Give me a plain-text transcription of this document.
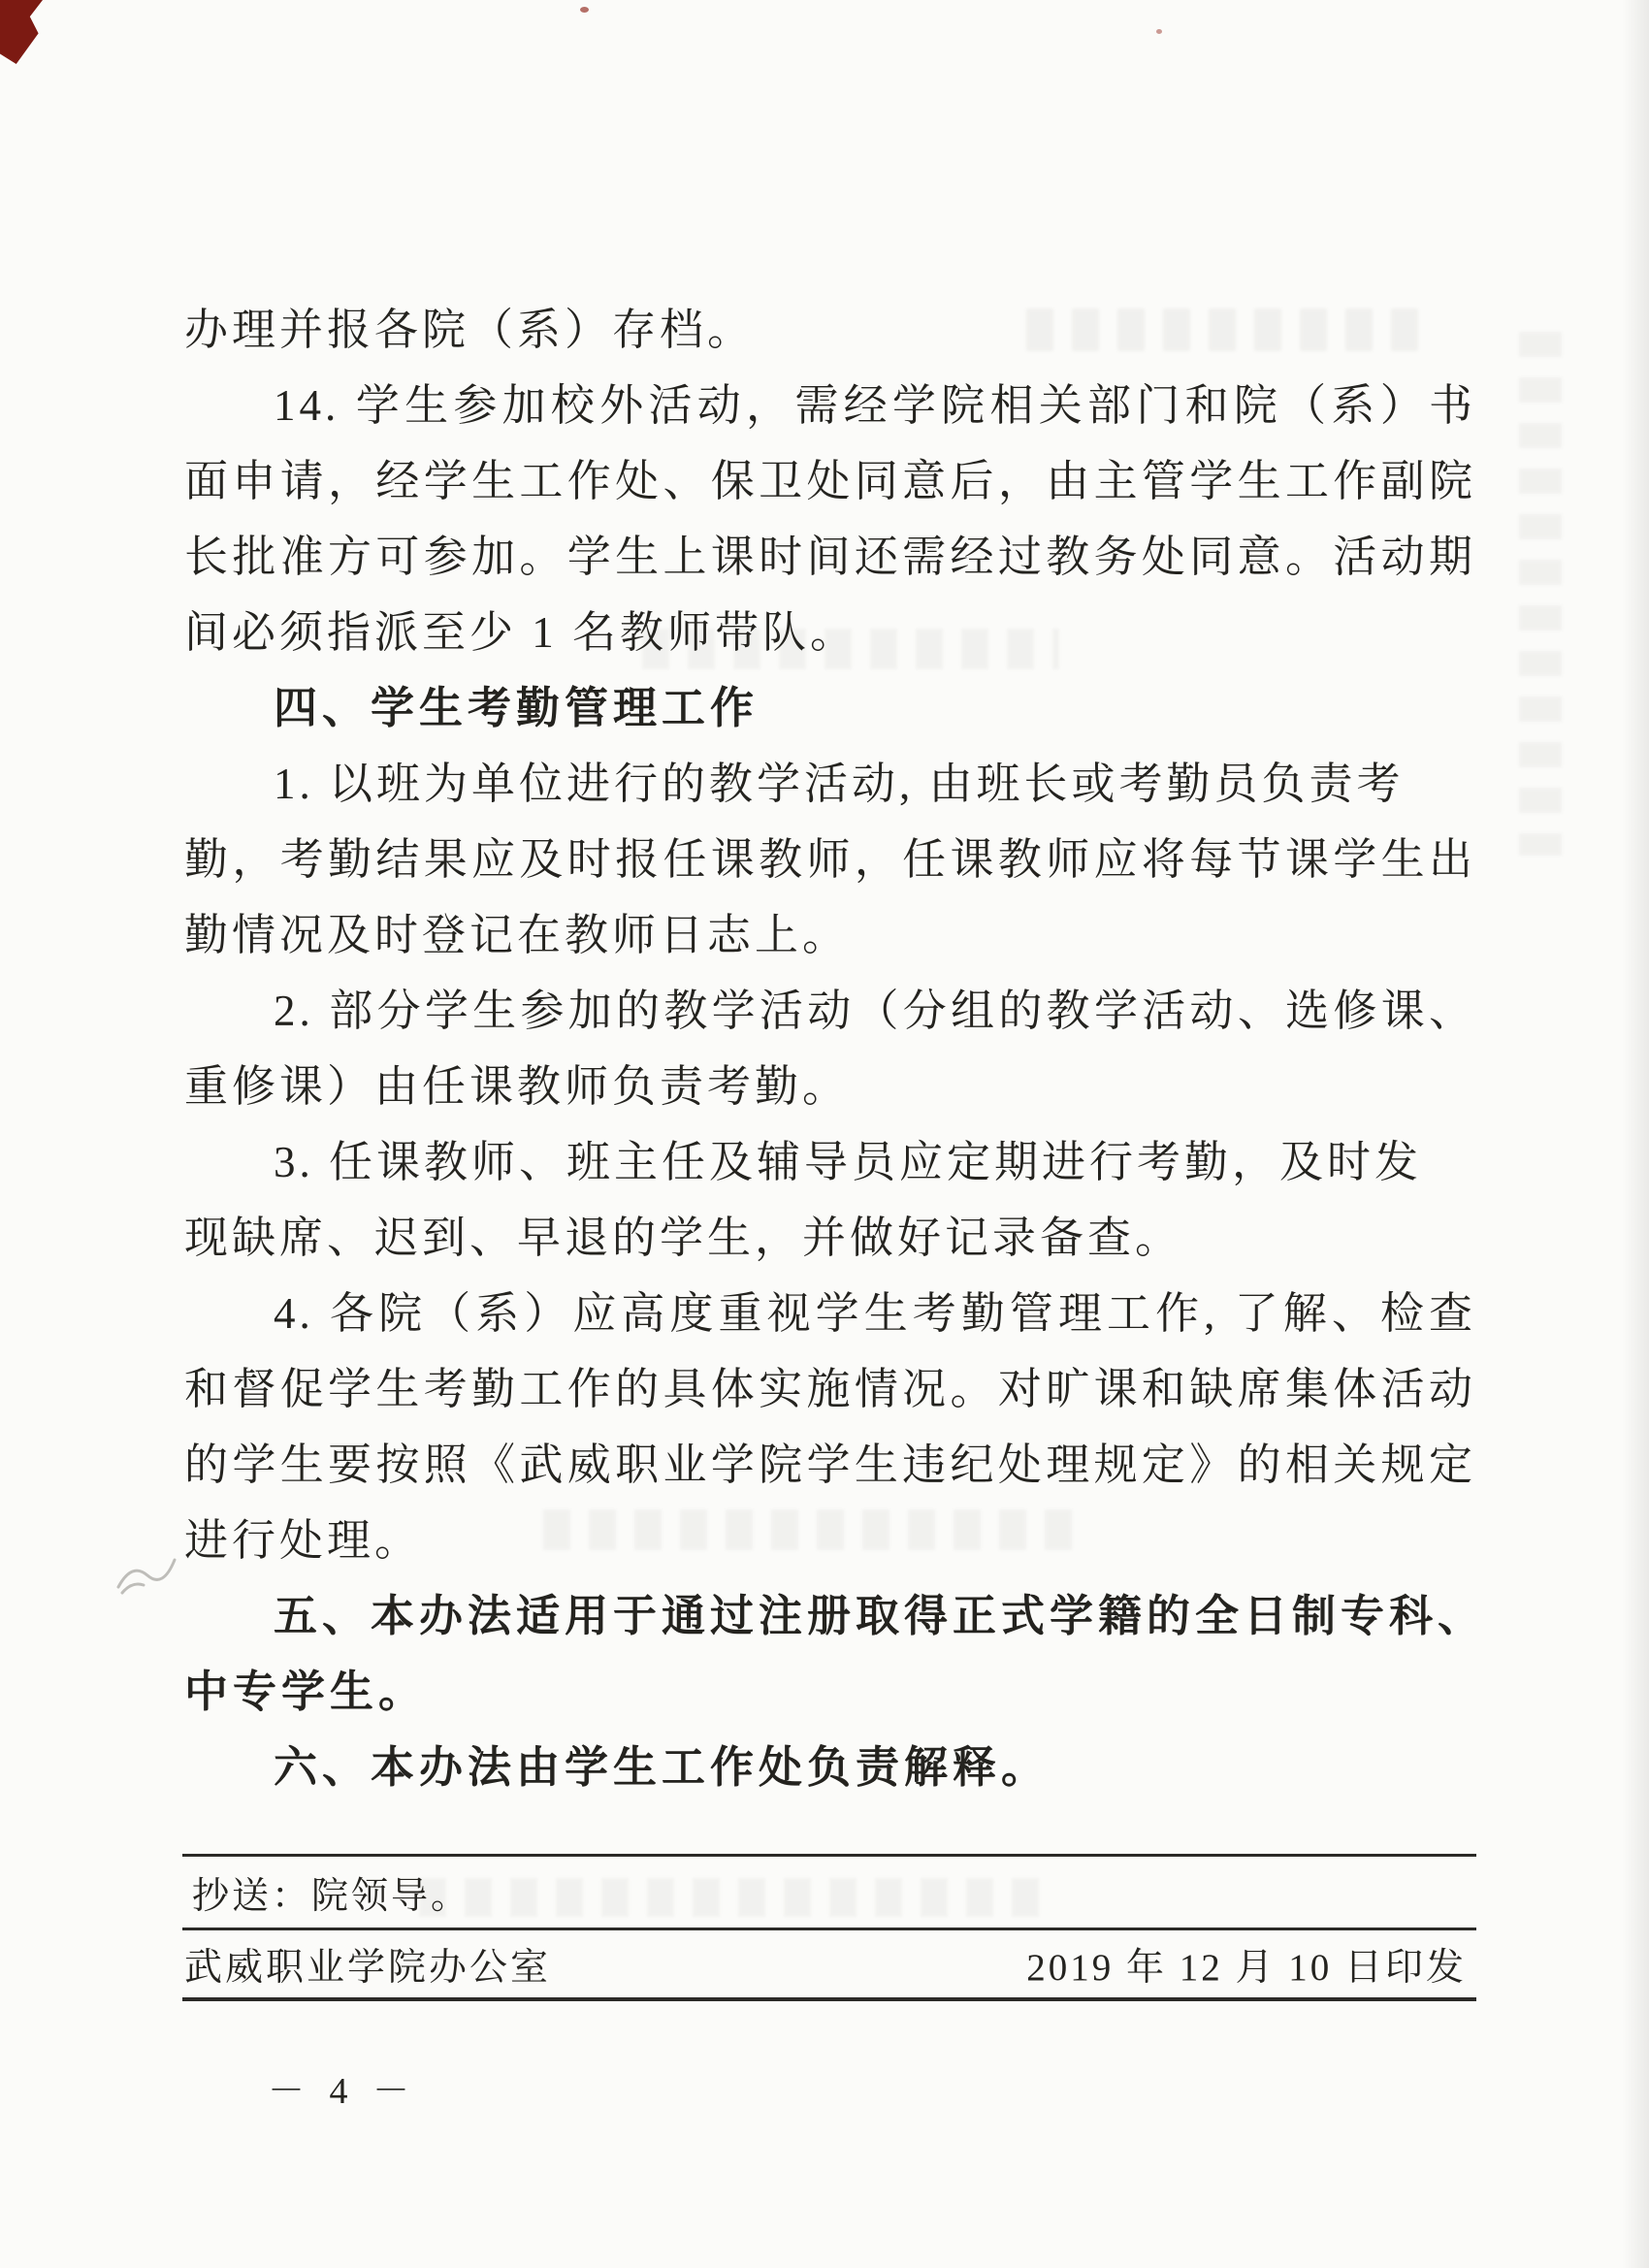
办理并报各院（系）存档。
14. 学生参加校外活动，需经学院相关部门和院（系）书
面申请，经学生工作处、保卫处同意后，由主管学生工作副院
长批准方可参加。学生上课时间还需经过教务处同意。活动期
间必须指派至少 1 名教师带队。
四、学生考勤管理工作
1. 以班为单位进行的教学活动, 由班长或考勤员负责考
勤，考勤结果应及时报任课教师，任课教师应将每节课学生出
勤情况及时登记在教师日志上。
2. 部分学生参加的教学活动（分组的教学活动、选修课、
重修课）由任课教师负责考勤。
3. 任课教师、班主任及辅导员应定期进行考勤，及时发
现缺席、迟到、早退的学生，并做好记录备查。
4. 各院（系）应高度重视学生考勤管理工作, 了解、检查
和督促学生考勤工作的具体实施情况。对旷课和缺席集体活动
的学生要按照《武威职业学院学生违纪处理规定》的相关规定
进行处理。
五、本办法适用于通过注册取得正式学籍的全日制专科、
中专学生。
六、本办法由学生工作处负责解释。
抄送：院领导。
武威职业学院办公室	2019 年 12 月 10 日印发
－ 4 －
